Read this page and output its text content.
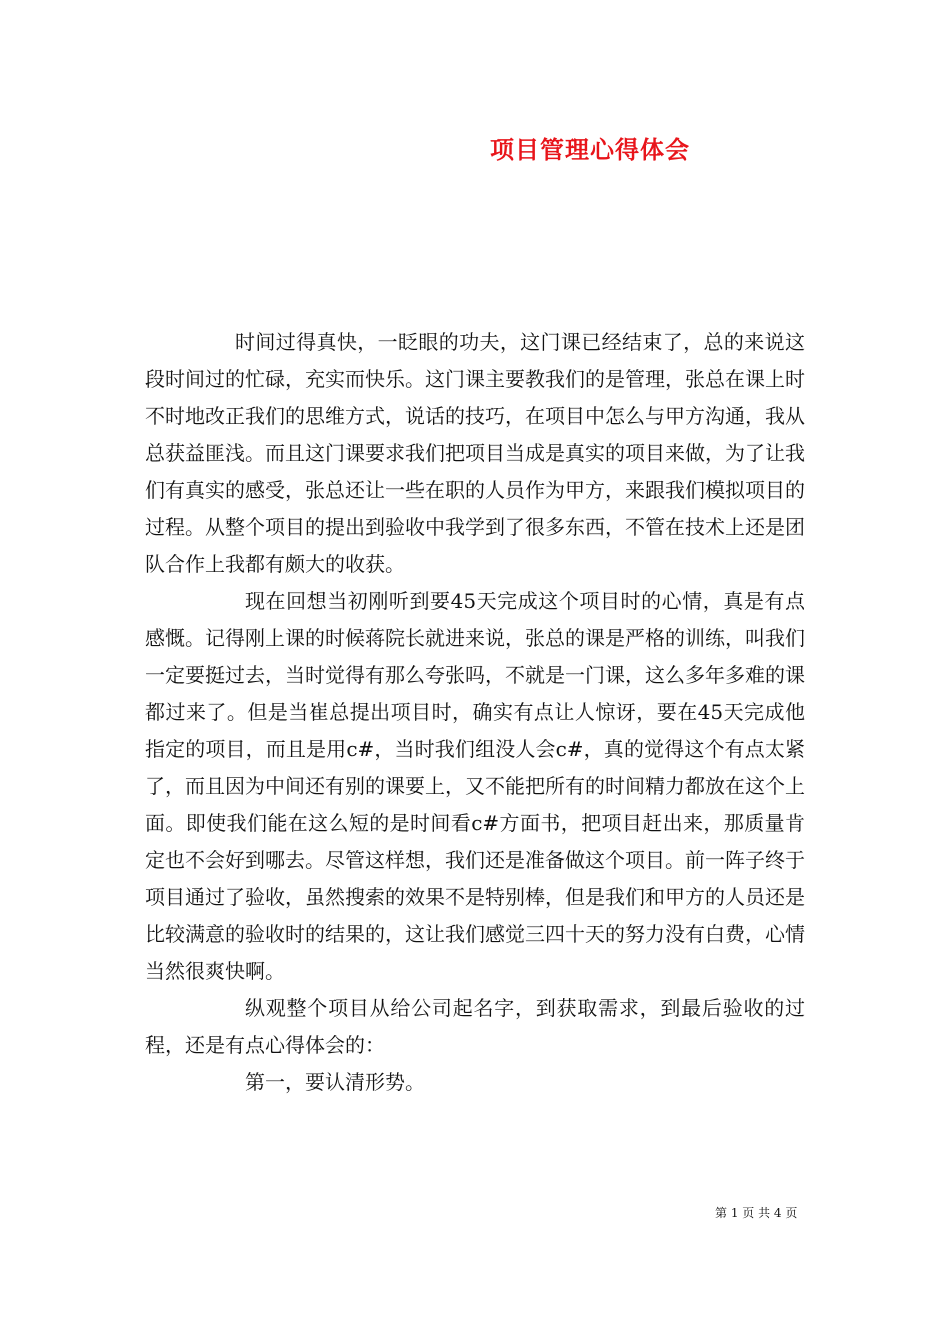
项目管理心得体会

时间过得真快，一眨眼的功夫，这门课已经结束了，总的来说这段时间过的忙碌，充实而快乐。这门课主要教我们的是管理，张总在课上时不时地改正我们的思维方式，说话的技巧，在项目中怎么与甲方沟通，我从总获益匪浅。而且这门课要求我们把项目当成是真实的项目来做，为了让我们有真实的感受，张总还让一些在职的人员作为甲方，来跟我们模拟项目的过程。从整个项目的提出到验收中我学到了很多东西，不管在技术上还是团队合作上我都有颇大的收获。

现在回想当初刚听到要45天完成这个项目时的心情，真是有点感慨。记得刚上课的时候蒋院长就进来说，张总的课是严格的训练，叫我们一定要挺过去，当时觉得有那么夸张吗，不就是一门课，这么多年多难的课都过来了。但是当崔总提出项目时，确实有点让人惊讶，要在45天完成他指定的项目，而且是用c#，当时我们组没人会c#，真的觉得这个有点太紧了，而且因为中间还有别的课要上，又不能把所有的时间精力都放在这个上面。即使我们能在这么短的是时间看c#方面书，把项目赶出来，那质量肯定也不会好到哪去。尽管这样想，我们还是准备做这个项目。前一阵子终于项目通过了验收，虽然搜索的效果不是特别棒，但是我们和甲方的人员还是比较满意的验收时的结果的，这让我们感觉三四十天的努力没有白费，心情当然很爽快啊。

纵观整个项目从给公司起名字，到获取需求，到最后验收的过程，还是有点心得体会的：

第一，要认清形势。

第 1 页 共 4 页
